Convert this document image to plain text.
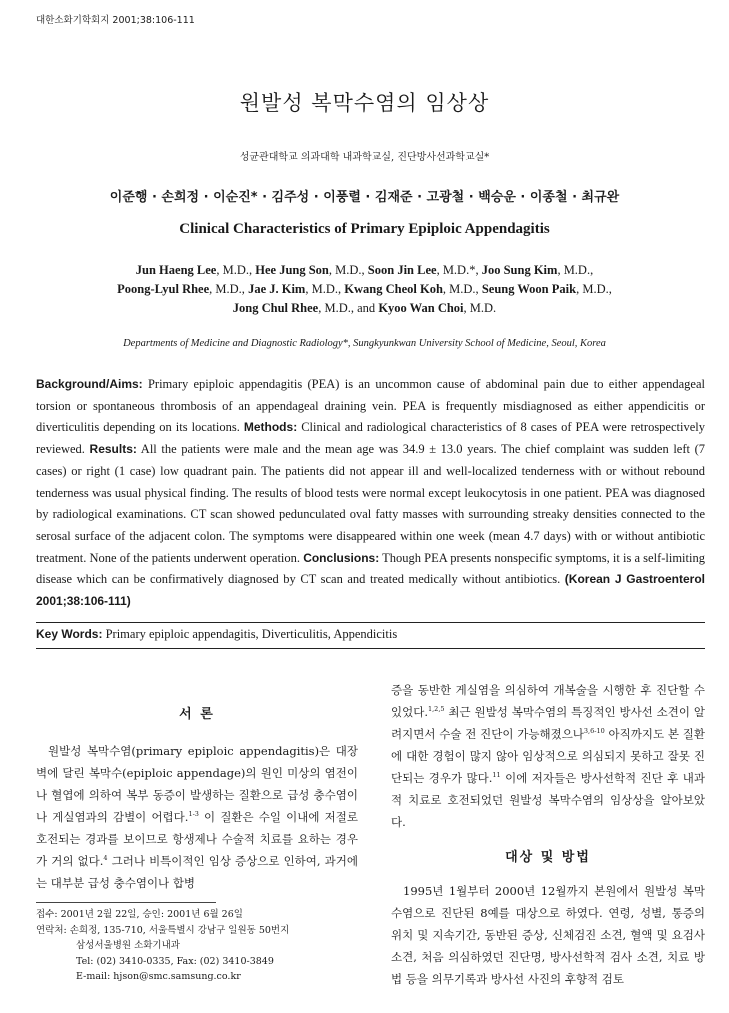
대한소화기학회지 2001;38:106-111
원발성 복막수염의 임상상
성균관대학교 의과대학 내과학교실, 진단방사선과학교실*
이준행 · 손희정 · 이순진* · 김주성 · 이풍렬 · 김재준 · 고광철 · 백승운 · 이종철 · 최규완
Clinical Characteristics of Primary Epiploic Appendagitis
Jun Haeng Lee, M.D., Hee Jung Son, M.D., Soon Jin Lee, M.D.*, Joo Sung Kim, M.D.,
Poong-Lyul Rhee, M.D., Jae J. Kim, M.D., Kwang Cheol Koh, M.D., Seung Woon Paik, M.D.,
Jong Chul Rhee, M.D., and Kyoo Wan Choi, M.D.
Departments of Medicine and Diagnostic Radiology*, Sungkyunkwan University School of Medicine, Seoul, Korea
Background/Aims: Primary epiploic appendagitis (PEA) is an uncommon cause of abdominal pain due to either appendageal torsion or spontaneous thrombosis of an appendageal draining vein. PEA is frequently misdiagnosed as either appendicitis or diverticulitis depending on its locations. Methods: Clinical and radiological characteristics of 8 cases of PEA were retrospectively reviewed. Results: All the patients were male and the mean age was 34.9 ± 13.0 years. The chief complaint was sudden left (7 cases) or right (1 case) low quadrant pain. The patients did not appear ill and well-localized tenderness with or without rebound tenderness was usual physical finding. The results of blood tests were normal except leukocytosis in one patient. PEA was diagnosed by radiological examinations. CT scan showed pedunculated oval fatty masses with surrounding streaky densities connected to the serosal surface of the adjacent colon. The symptoms were disappeared within one week (mean 4.7 days) with or without antibiotic treatment. None of the patients underwent operation. Conclusions: Though PEA presents nonspecific symptoms, it is a self-limiting disease which can be confirmatively diagnosed by CT scan and treated medically without antibiotics. (Korean J Gastroenterol 2001;38:106-111)
Key Words: Primary epiploic appendagitis, Diverticulitis, Appendicitis
서 론
원발성 복막수염(primary epiploic appendagitis)은 대장벽에 달린 복막수(epiploic appendage)의 원인 미상의 염전이나 혈엽에 의하여 복부 동증이 발생하는 질환으로 급성 충수염이나 게실염과의 감별이 어렵다.$^{1-3}$ 이 질환은 수일 이내에 저절로 호전되는 경과를 보이므로 항생제나 수술적 치료를 요하는 경우가 거의 없다.$^4$ 그러나 비특이적인 임상 증상으로 인하여, 과거에는 대부분 급성 충수염이나 합병
접수: 2001년 2월 22일, 승인: 2001년 6월 26일
연락처: 손희정, 135-710, 서울특별시 강남구 일원동 50번지
삼성서울병원 소화기내과
Tel: (02) 3410-0335, Fax: (02) 3410-3849
E-mail: hjson@smc.samsung.co.kr
증을 동반한 게실염을 의심하여 개복술을 시행한 후 진단할 수 있었다.$^{1,2,5}$ 최근 원발성 복막수염의 특징적인 방사선 소견이 알려지면서 수술 전 진단이 가능해졌으나$^{3,6-10}$ 아직까지도 본 질환에 대한 경험이 많지 않아 임상적으로 의심되지 못하고 잘못 진단되는 경우가 많다.$^{11}$ 이에 저자들은 방사선학적 진단 후 내과적 치료로 호전되었던 원발성 복막수염의 임상상을 알아보았다.
대상 및 방법
1995년 1월부터 2000년 12월까지 본원에서 원발성 복막수염으로 진단된 8예를 대상으로 하였다. 연령, 성별, 통증의 위치 및 지속기간, 동반된 증상, 신체검진 소견, 혈액 및 요검사 소견, 처음 의심하였던 진단명, 방사선학적 검사 소견, 치료 방법 등을 의무기록과 방사선 사진의 후향적 검토
